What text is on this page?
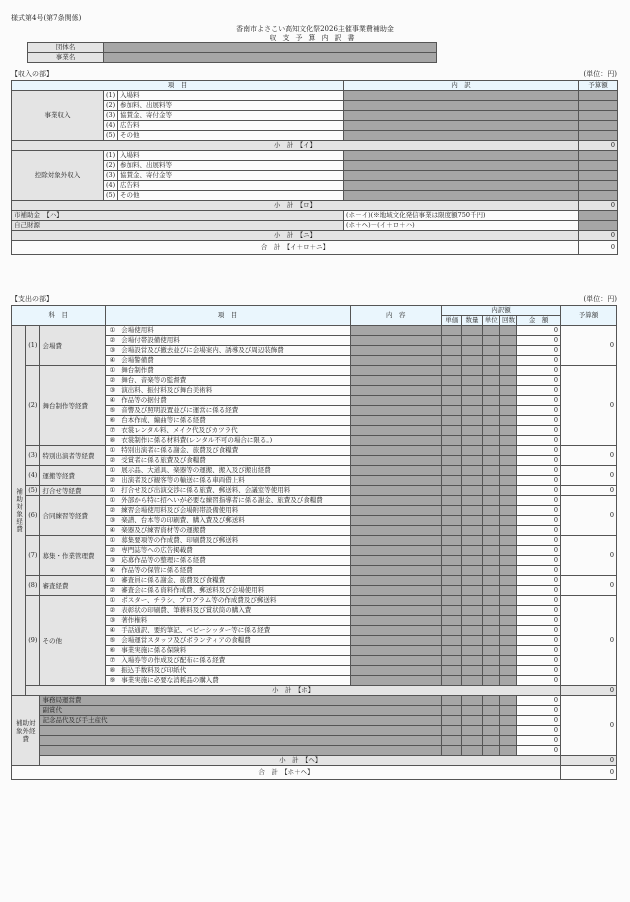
様式第4号(第7条関係)
香南市よさこい高知文化祭2026主催事業費補助金
収支予算内訳書
団体名	
事業名	
【収入の部】	(単位：円)
項　目			内　訳	予算額
事業収入	(1)	入場料		
	(2)	参加料、出展料等		
	(3)	協賛金、寄付金等		
	(4)	広告料		
	(5)	その他		
小　計　【イ】				0
控除対象外収入	(1)	入場料		
	(2)	参加料、出展料等		
	(3)	協賛金、寄付金等		
	(4)	広告料		
	(5)	その他		
小　計　【ロ】				0
市補助金　【ハ】			(ホ－イ)(※地域文化発信事業は限度額750千円)	
自己財源			(ホ＋ヘ)－(イ＋ロ＋ハ)	
小　計　【ニ】				0
合　計　【イ＋ロ＋ニ】				0
【支出の部】	(単位：円)
科　目			項　目		内　容	内訳額					予算額
						単価	数量	単位	回数	金　額	
補助対象経費	(1)	会場費	①	会場使用料						0	0
			②	会場付帯設備使用料						0	
			③	会場設営及び撤去並びに会場案内、誘導及び周辺装飾費						0	
			④	会場警備費						0	
	(2)	舞台制作等経費	①	舞台制作費						0	0
			②	舞台、音楽等の監督費						0	
			③	演出料、振付料及び舞台美術料						0	
			④	作品等の据付費						0	
			⑤	音響及び照明設置並びに運営に係る経費						0	
			⑥	台本作成、編曲等に係る経費						0	
			⑦	衣裳レンタル料、メイク代及びカツラ代						0	
			⑧	衣裳制作に係る材料費(レンタル不可の場合に限る。)						0	
	(3)	特別出演者等経費	①	特別出演者に係る謝金、旅費及び食糧費						0	0
			②	受賞者に係る旅費及び食糧費						0	
	(4)	運搬等経費	①	展示品、大道具、楽器等の運搬、搬入及び搬出経費						0	0
			②	出演者及び観客等の輸送に係る車両借上料						0	
	(5)	打合せ等経費	①	打合せ及び出演交渉に係る旅費、郵送料、会議室等使用料						0	0
	(6)	合同練習等経費	①	外部から特に招へいが必要な練習指導者に係る謝金、旅費及び食糧費						0	0
			②	練習会場使用料及び会場附帯設備使用料						0	
			③	楽譜、台本等の印刷費、購入費及び郵送料						0	
			④	楽器及び練習資材等の運搬費						0	
	(7)	募集・作業管理費	①	募集要項等の作成費、印刷費及び郵送料						0	0
			②	専門誌等への広告掲載費						0	
			③	応募作品等の整理に係る経費						0	
			④	作品等の保管に係る経費						0	
	(8)	審査経費	①	審査員に係る謝金、旅費及び食糧費						0	0
			②	審査会に係る資料作成費、郵送料及び会場使用料						0	
	(9)	その他	①	ポスター、チラシ、プログラム等の作成費及び郵送料						0	0
			②	表彰状の印刷費、筆耕料及び賞状筒の購入費						0	
			③	著作権料						0	
			④	手話通訳、要約筆記、ベビーシッター等に係る経費						0	
			⑤	会場運営スタッフ及びボランティアの食糧費						0	
			⑥	事業実施に係る保険料						0	
			⑦	入場券等の作成及び配布に係る経費						0	
			⑧	振込手数料及び印紙代						0	
			⑨	事業実施に必要な消耗品の購入費						0	
	小　計　【ホ】										0
補助対象外経費		事務局運営費								0	0
		副賞代								0	
		記念品代及び手土産代								0	
										0	
										0	
										0	
		小　計　【ヘ】									0
合　計　【ホ＋ヘ】											0
